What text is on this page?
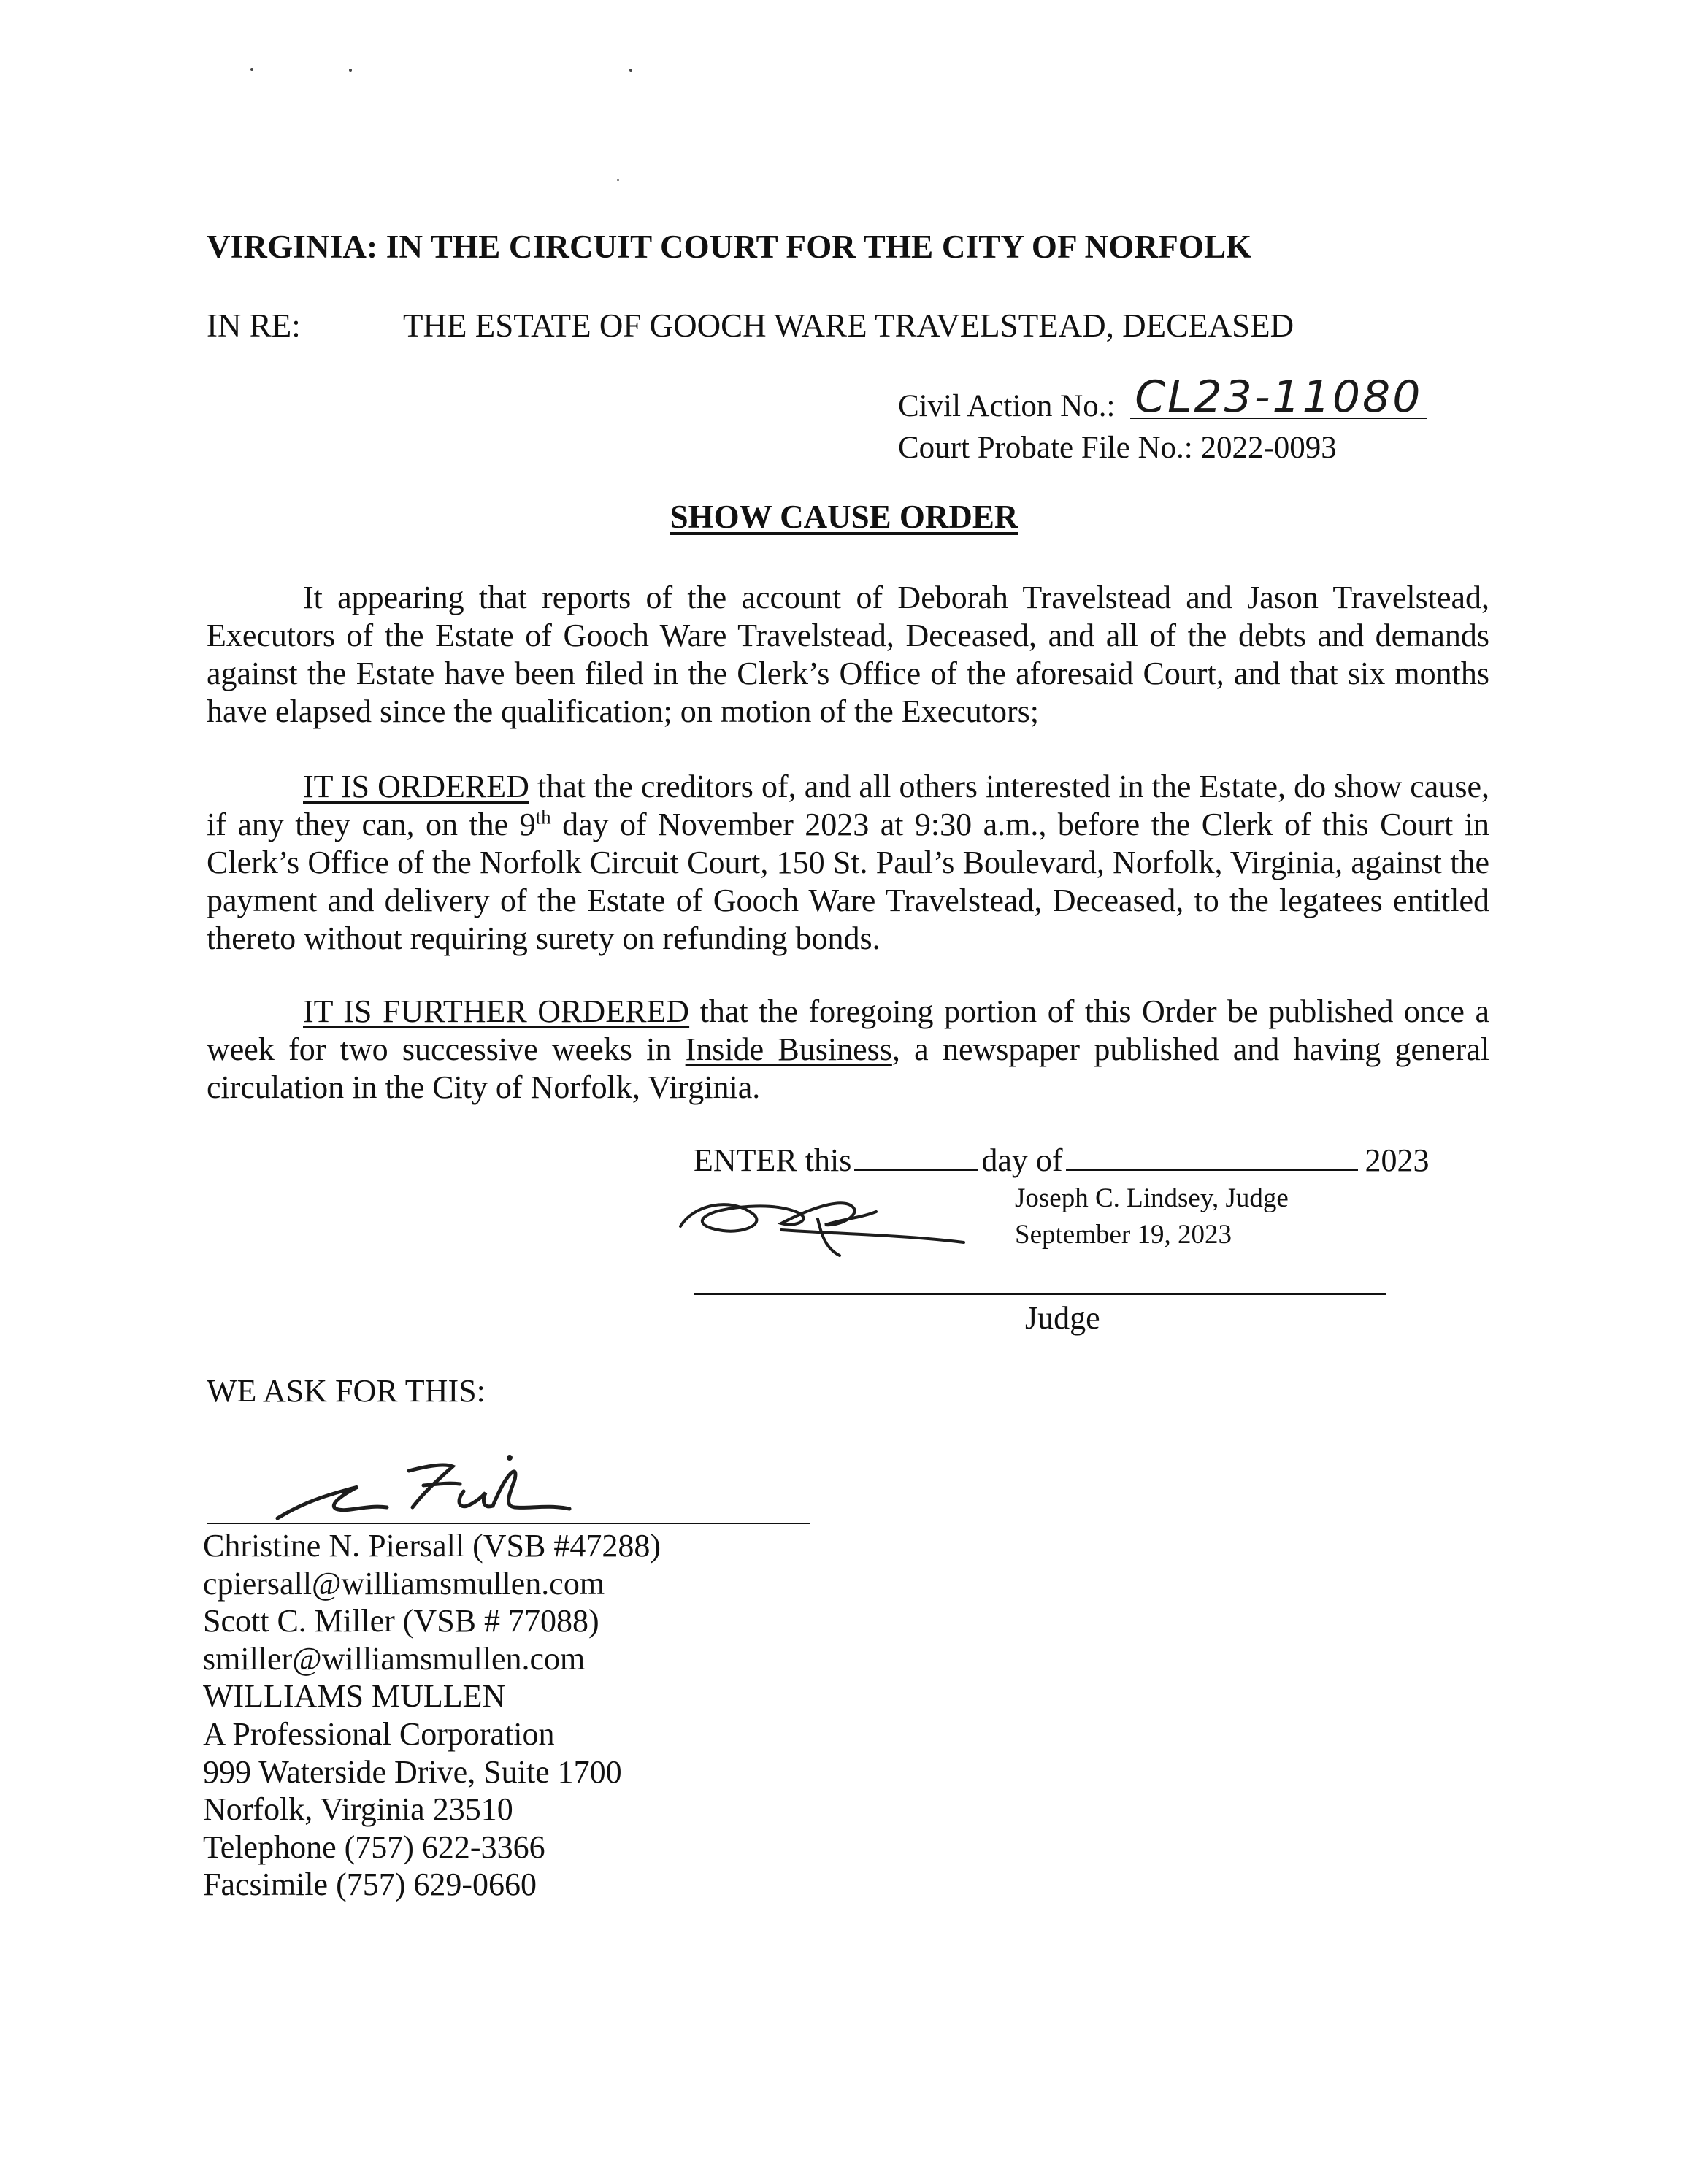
VIRGINIA: IN THE CIRCUIT COURT FOR THE CITY OF NORFOLK
IN RE:	THE ESTATE OF GOOCH WARE TRAVELSTEAD, DECEASED
Civil Action No.: CL23-11080
Court Probate File No.: 2022-0093
SHOW CAUSE ORDER

It appearing that reports of the account of Deborah Travelstead and Jason Travelstead, Executors of the Estate of Gooch Ware Travelstead, Deceased, and all of the debts and demands against the Estate have been filed in the Clerk’s Office of the aforesaid Court, and that six months have elapsed since the qualification; on motion of the Executors;

IT IS ORDERED that the creditors of, and all others interested in the Estate, do show cause, if any they can, on the 9th day of November 2023 at 9:30 a.m., before the Clerk of this Court in Clerk’s Office of the Norfolk Circuit Court, 150 St. Paul’s Boulevard, Norfolk, Virginia, against the payment and delivery of the Estate of Gooch Ware Travelstead, Deceased, to the legatees entitled thereto without requiring surety on refunding bonds.

IT IS FURTHER ORDERED that the foregoing portion of this Order be published once a week for two successive weeks in Inside Business, a newspaper published and having general circulation in the City of Norfolk, Virginia.

ENTER this	day of	2023
Joseph C. Lindsey, Judge
September 19, 2023
Judge
WE ASK FOR THIS:
Christine N. Piersall (VSB #47288)
cpiersall@williamsmullen.com
Scott C. Miller (VSB # 77088)
smiller@williamsmullen.com
WILLIAMS MULLEN
A Professional Corporation
999 Waterside Drive, Suite 1700
Norfolk, Virginia 23510
Telephone (757) 622-3366
Facsimile (757) 629-0660
